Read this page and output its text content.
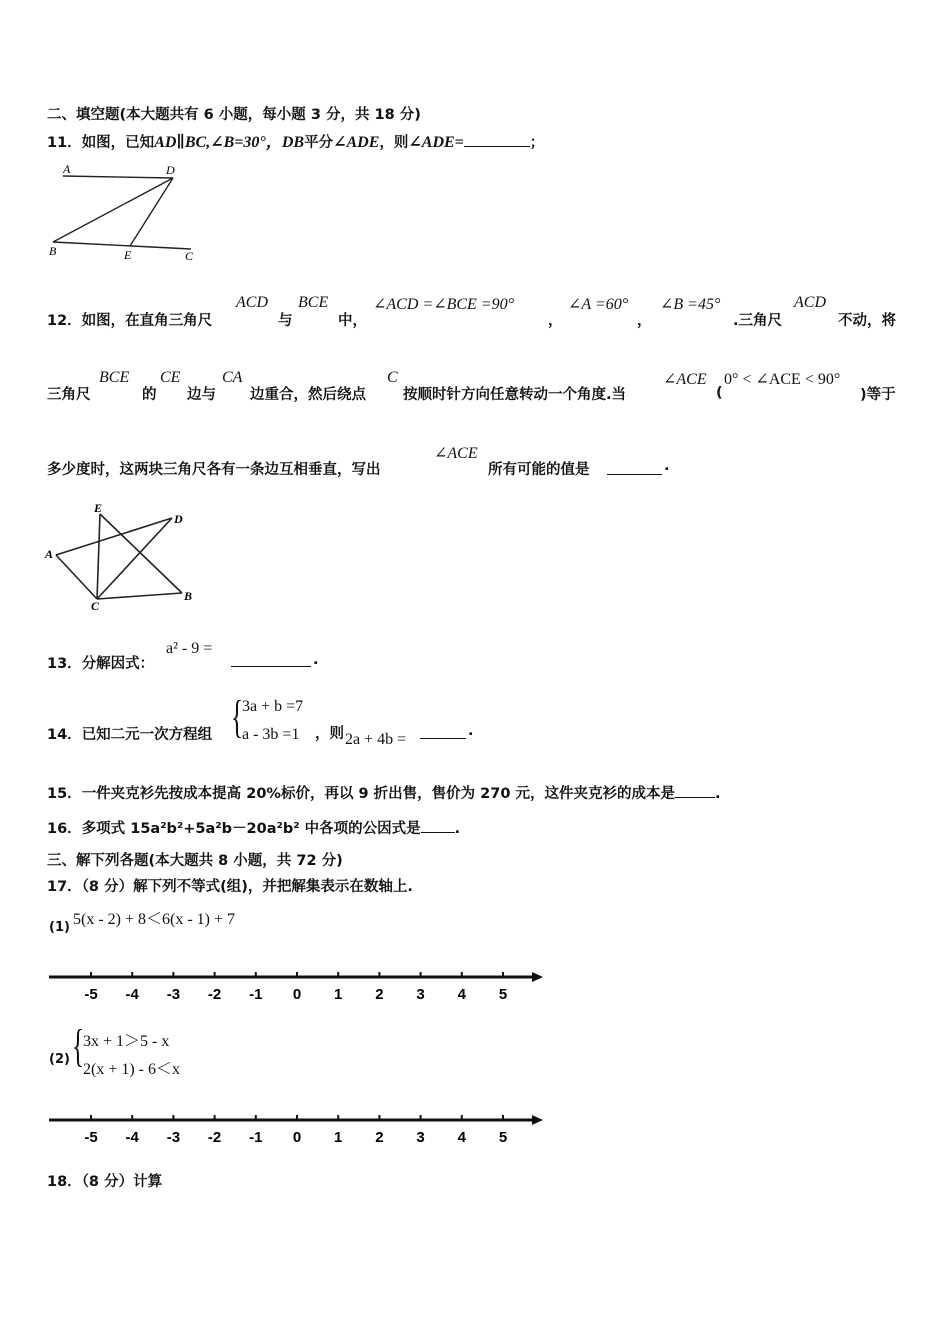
二、填空题(本大题共有 6 小题，每小题 3 分，共 18 分)
11．如图，已知AD∥BC,∠B=30°，DB平分∠ADE，则∠ADE=	；
A	D
B	E	C
12．如图，在直角三角尺
ACD
与
BCE
中，
∠ACD =∠BCE =90°
，
∠A =60°
，
∠B =45°
.三角尺
ACD
不动，将
三角尺
BCE
的
CE
边与
CA
边重合，然后绕点
C
按顺时针方向任意转动一个角度.当
∠ACE
(
0° < ∠ACE < 90°
)等于
多少度时，这两块三角尺各有一条边互相垂直，写出
∠ACE
所有可能的值是	.
E
D
A
C
B
13．分解因式：
a² - 9 =
.
14．已知二元一次方程组 {
3a + b =7
a - 3b =1 ，则 2a + 4b =	.
15．一件夹克衫先按成本提高 20%标价，再以 9 折出售，售价为 270 元，这件夹克衫的成本是	.
16．多项式 15a²b²+5a²b－20a²b² 中各项的公因式是 .
三、解下列各题(本大题共 8 小题，共 72 分)
17．（8 分）解下列不等式(组)，并把解集表示在数轴上.
(1) 5(x - 2) + 8＜6(x - 1) + 7
-5 -4 -3 -2 -1 0 1 2 3 4 5
(2) {
3x + 1＞5 - x
2(x + 1) - 6＜x
-5 -4 -3 -2 -1 0 1 2 3 4 5
18．（8 分）计算
